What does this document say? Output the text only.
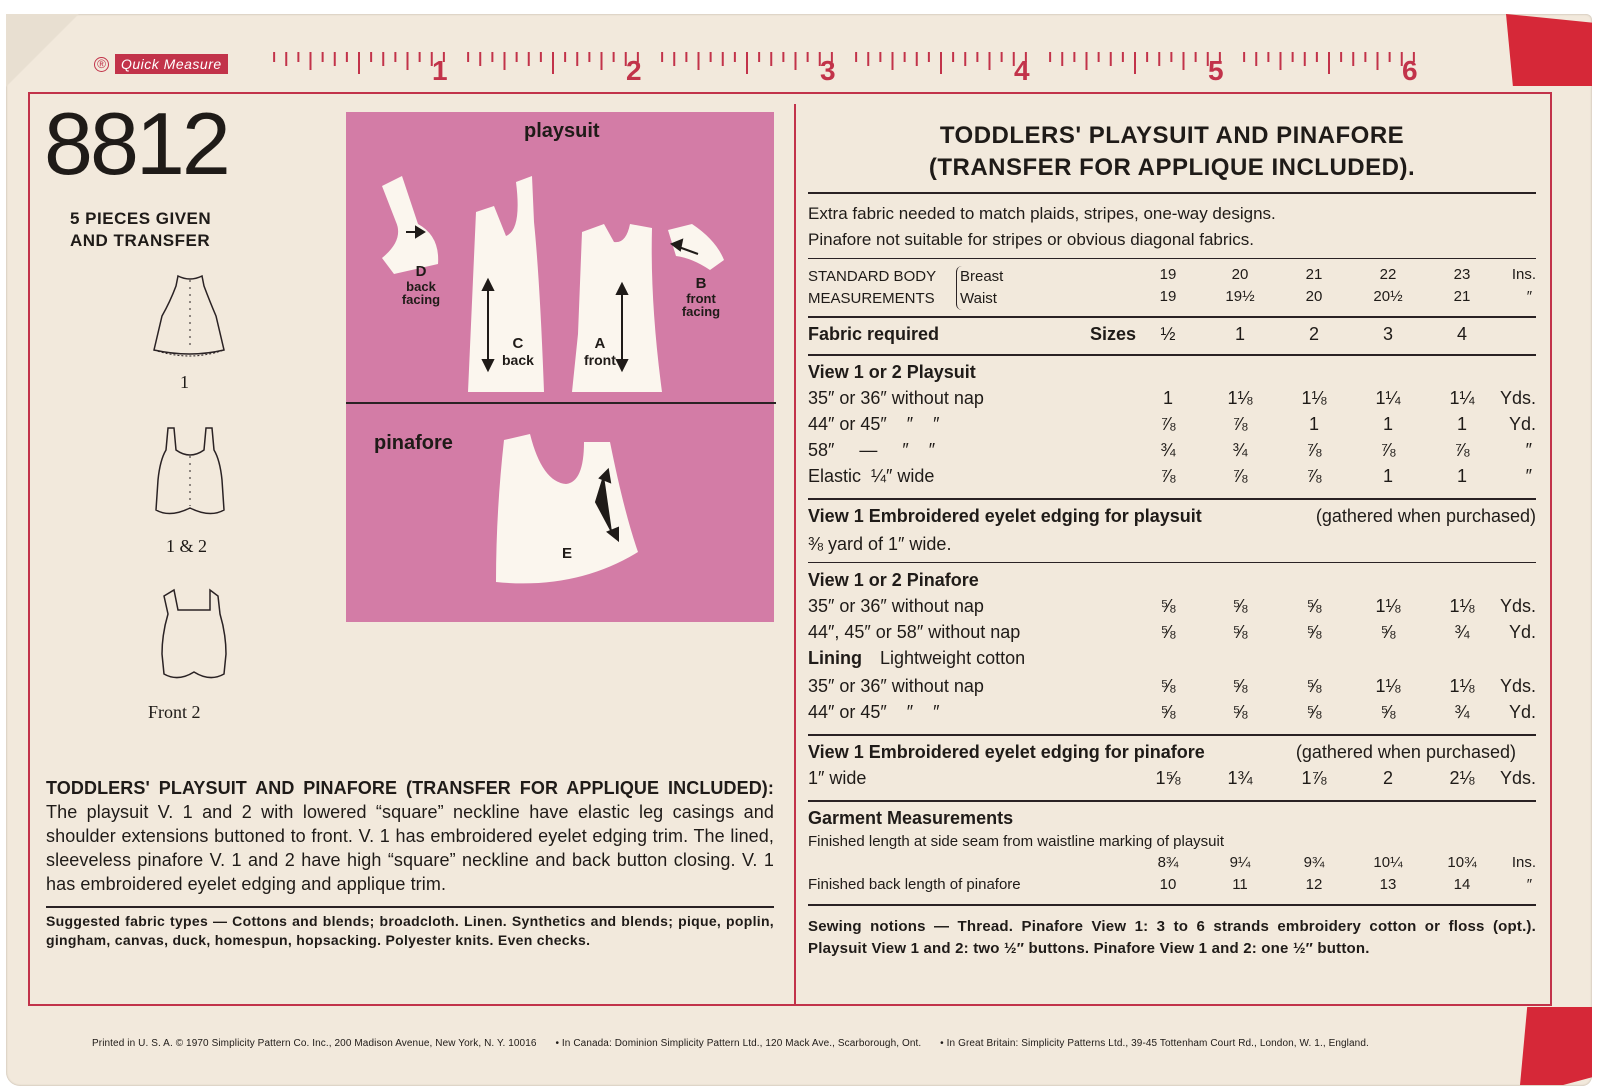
®	Quick Measure	1	2	3	4	5	6
8812
5 PIECES GIVEN
AND TRANSFER
1
1 & 2
Front 2
playsuit
pinafore
D
back facing
C
back
A
front
B
front facing
E
TODDLERS' PLAYSUIT AND PINAFORE (TRANSFER FOR APPLIQUE INCLUDED): The playsuit V. 1 and 2 with lowered “square” neckline have elastic leg casings and shoulder extensions buttoned to front. V. 1 has embroidered eyelet edging trim. The lined, sleeveless pinafore V. 1 and 2 have high “square” neckline and back button closing. V. 1 has embroidered eyelet edging and applique trim.
Suggested fabric types — Cottons and blends; broadcloth. Linen. Synthetics and blends; pique, poplin, gingham, canvas, duck, homespun, hopsacking. Polyester knits. Even checks.
TODDLERS' PLAYSUIT AND PINAFORE
(TRANSFER FOR APPLIQUE INCLUDED).
Extra fabric needed to match plaids, stripes, one-way designs.
Pinafore not suitable for stripes or obvious diagonal fabrics.
STANDARD BODY
MEASUREMENTS
Breast
Waist
19	20	21	22	23	Ins.
19	19½	20	20½	21	″
Fabric required	Sizes	½	1	2	3	4
View 1 or 2 Playsuit
35″ or 36″ without nap	1	1⅛	1⅛	1¼	1¼	Yds.
44″ or 45″    ″    ″	⅞	⅞	1	1	1	Yd.
58″     —     ″    ″	¾	¾	⅞	⅞	⅞	″
Elastic  ¼″ wide	⅞	⅞	⅞	1	1	″
View 1 Embroidered eyelet edging for playsuit	(gathered when purchased)
⅜ yard of 1″ wide.
View 1 or 2 Pinafore
35″ or 36″ without nap	⅝	⅝	⅝	1⅛	1⅛	Yds.
44″, 45″ or 58″ without nap	⅝	⅝	⅝	⅝	¾	Yd.
Lining Lightweight cotton
35″ or 36″ without nap	⅝	⅝	⅝	1⅛	1⅛	Yds.
44″ or 45″    ″    ″	⅝	⅝	⅝	⅝	¾	Yd.
View 1 Embroidered eyelet edging for pinafore	(gathered when purchased)
1″ wide	1⅝	1¾	1⅞	2	2⅛	Yds.
Garment Measurements
Finished length at side seam from waistline marking of playsuit
8¾	9¼	9¾	10¼	10¾	Ins.
Finished back length of pinafore	10	11	12	13	14	″
Sewing notions — Thread. Pinafore View 1: 3 to 6 strands embroidery cotton or floss (opt.). Playsuit View 1 and 2: two ½″ buttons. Pinafore View 1 and 2: one ½″ button.
Printed in U. S. A. © 1970 Simplicity Pattern Co. Inc., 200 Madison Avenue, New York, N. Y. 10016 • In Canada: Dominion Simplicity Pattern Ltd., 120 Mack Ave., Scarborough, Ont. • In Great Britain: Simplicity Patterns Ltd., 39-45 Tottenham Court Rd., London, W. 1., England.
